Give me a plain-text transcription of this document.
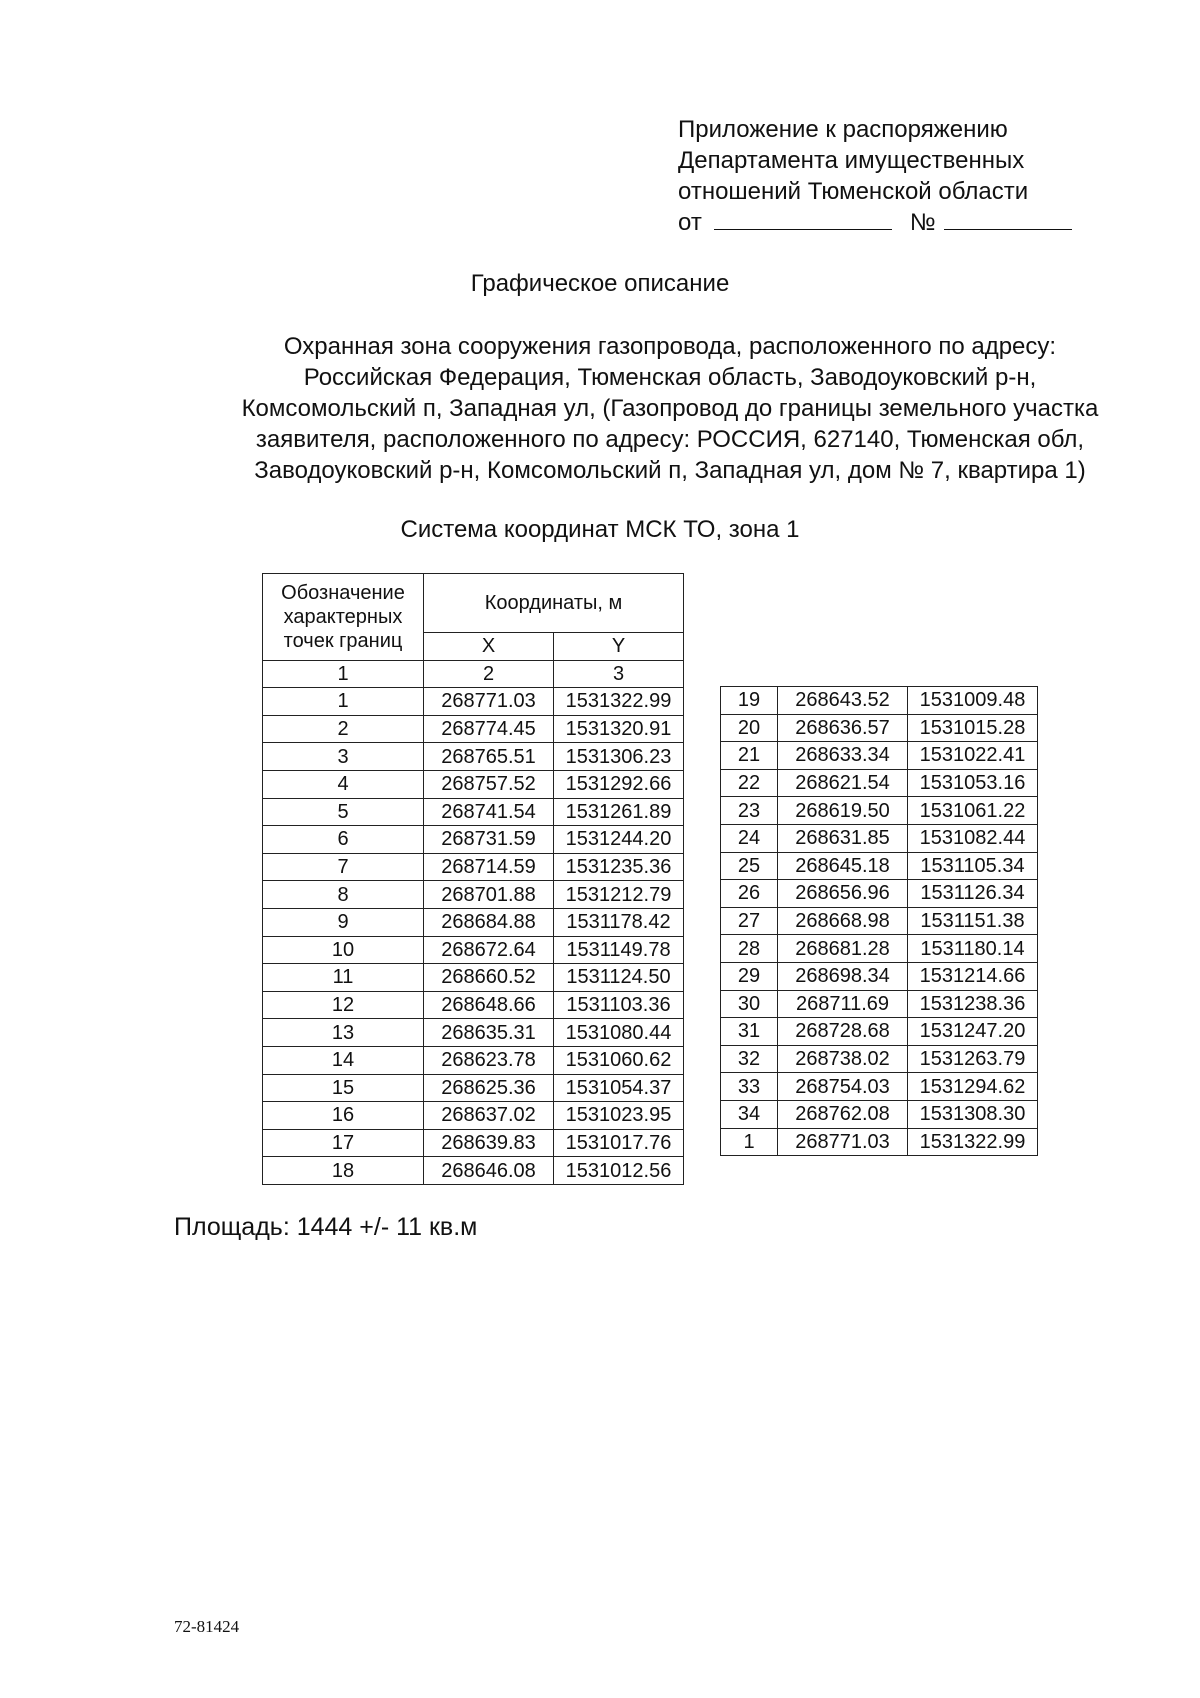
Приложение к распоряжению
Департамента имущественных
отношений Тюменской области
от	№
Графическое описание
Охранная зона сооружения газопровода, расположенного по адресу:
Российская Федерация, Тюменская область, Заводоуковский р-н,
Комсомольский п, Западная ул, (Газопровод до границы земельного участка
заявителя, расположенного по адресу: РОССИЯ, 627140, Тюменская обл,
Заводоуковский р-н, Комсомольский п, Западная ул, дом № 7, квартира 1)
Система координат МСК ТО, зона 1
Обозначение характерных точек границ	Координаты, м	
	X	Y
1	2	3
1	268771.03	1531322.99
2	268774.45	1531320.91
3	268765.51	1531306.23
4	268757.52	1531292.66
5	268741.54	1531261.89
6	268731.59	1531244.20
7	268714.59	1531235.36
8	268701.88	1531212.79
9	268684.88	1531178.42
10	268672.64	1531149.78
11	268660.52	1531124.50
12	268648.66	1531103.36
13	268635.31	1531080.44
14	268623.78	1531060.62
15	268625.36	1531054.37
16	268637.02	1531023.95
17	268639.83	1531017.76
18	268646.08	1531012.56
19	268643.52	1531009.48
20	268636.57	1531015.28
21	268633.34	1531022.41
22	268621.54	1531053.16
23	268619.50	1531061.22
24	268631.85	1531082.44
25	268645.18	1531105.34
26	268656.96	1531126.34
27	268668.98	1531151.38
28	268681.28	1531180.14
29	268698.34	1531214.66
30	268711.69	1531238.36
31	268728.68	1531247.20
32	268738.02	1531263.79
33	268754.03	1531294.62
34	268762.08	1531308.30
1	268771.03	1531322.99
Площадь: 1444 +/- 11 кв.м
72-81424
